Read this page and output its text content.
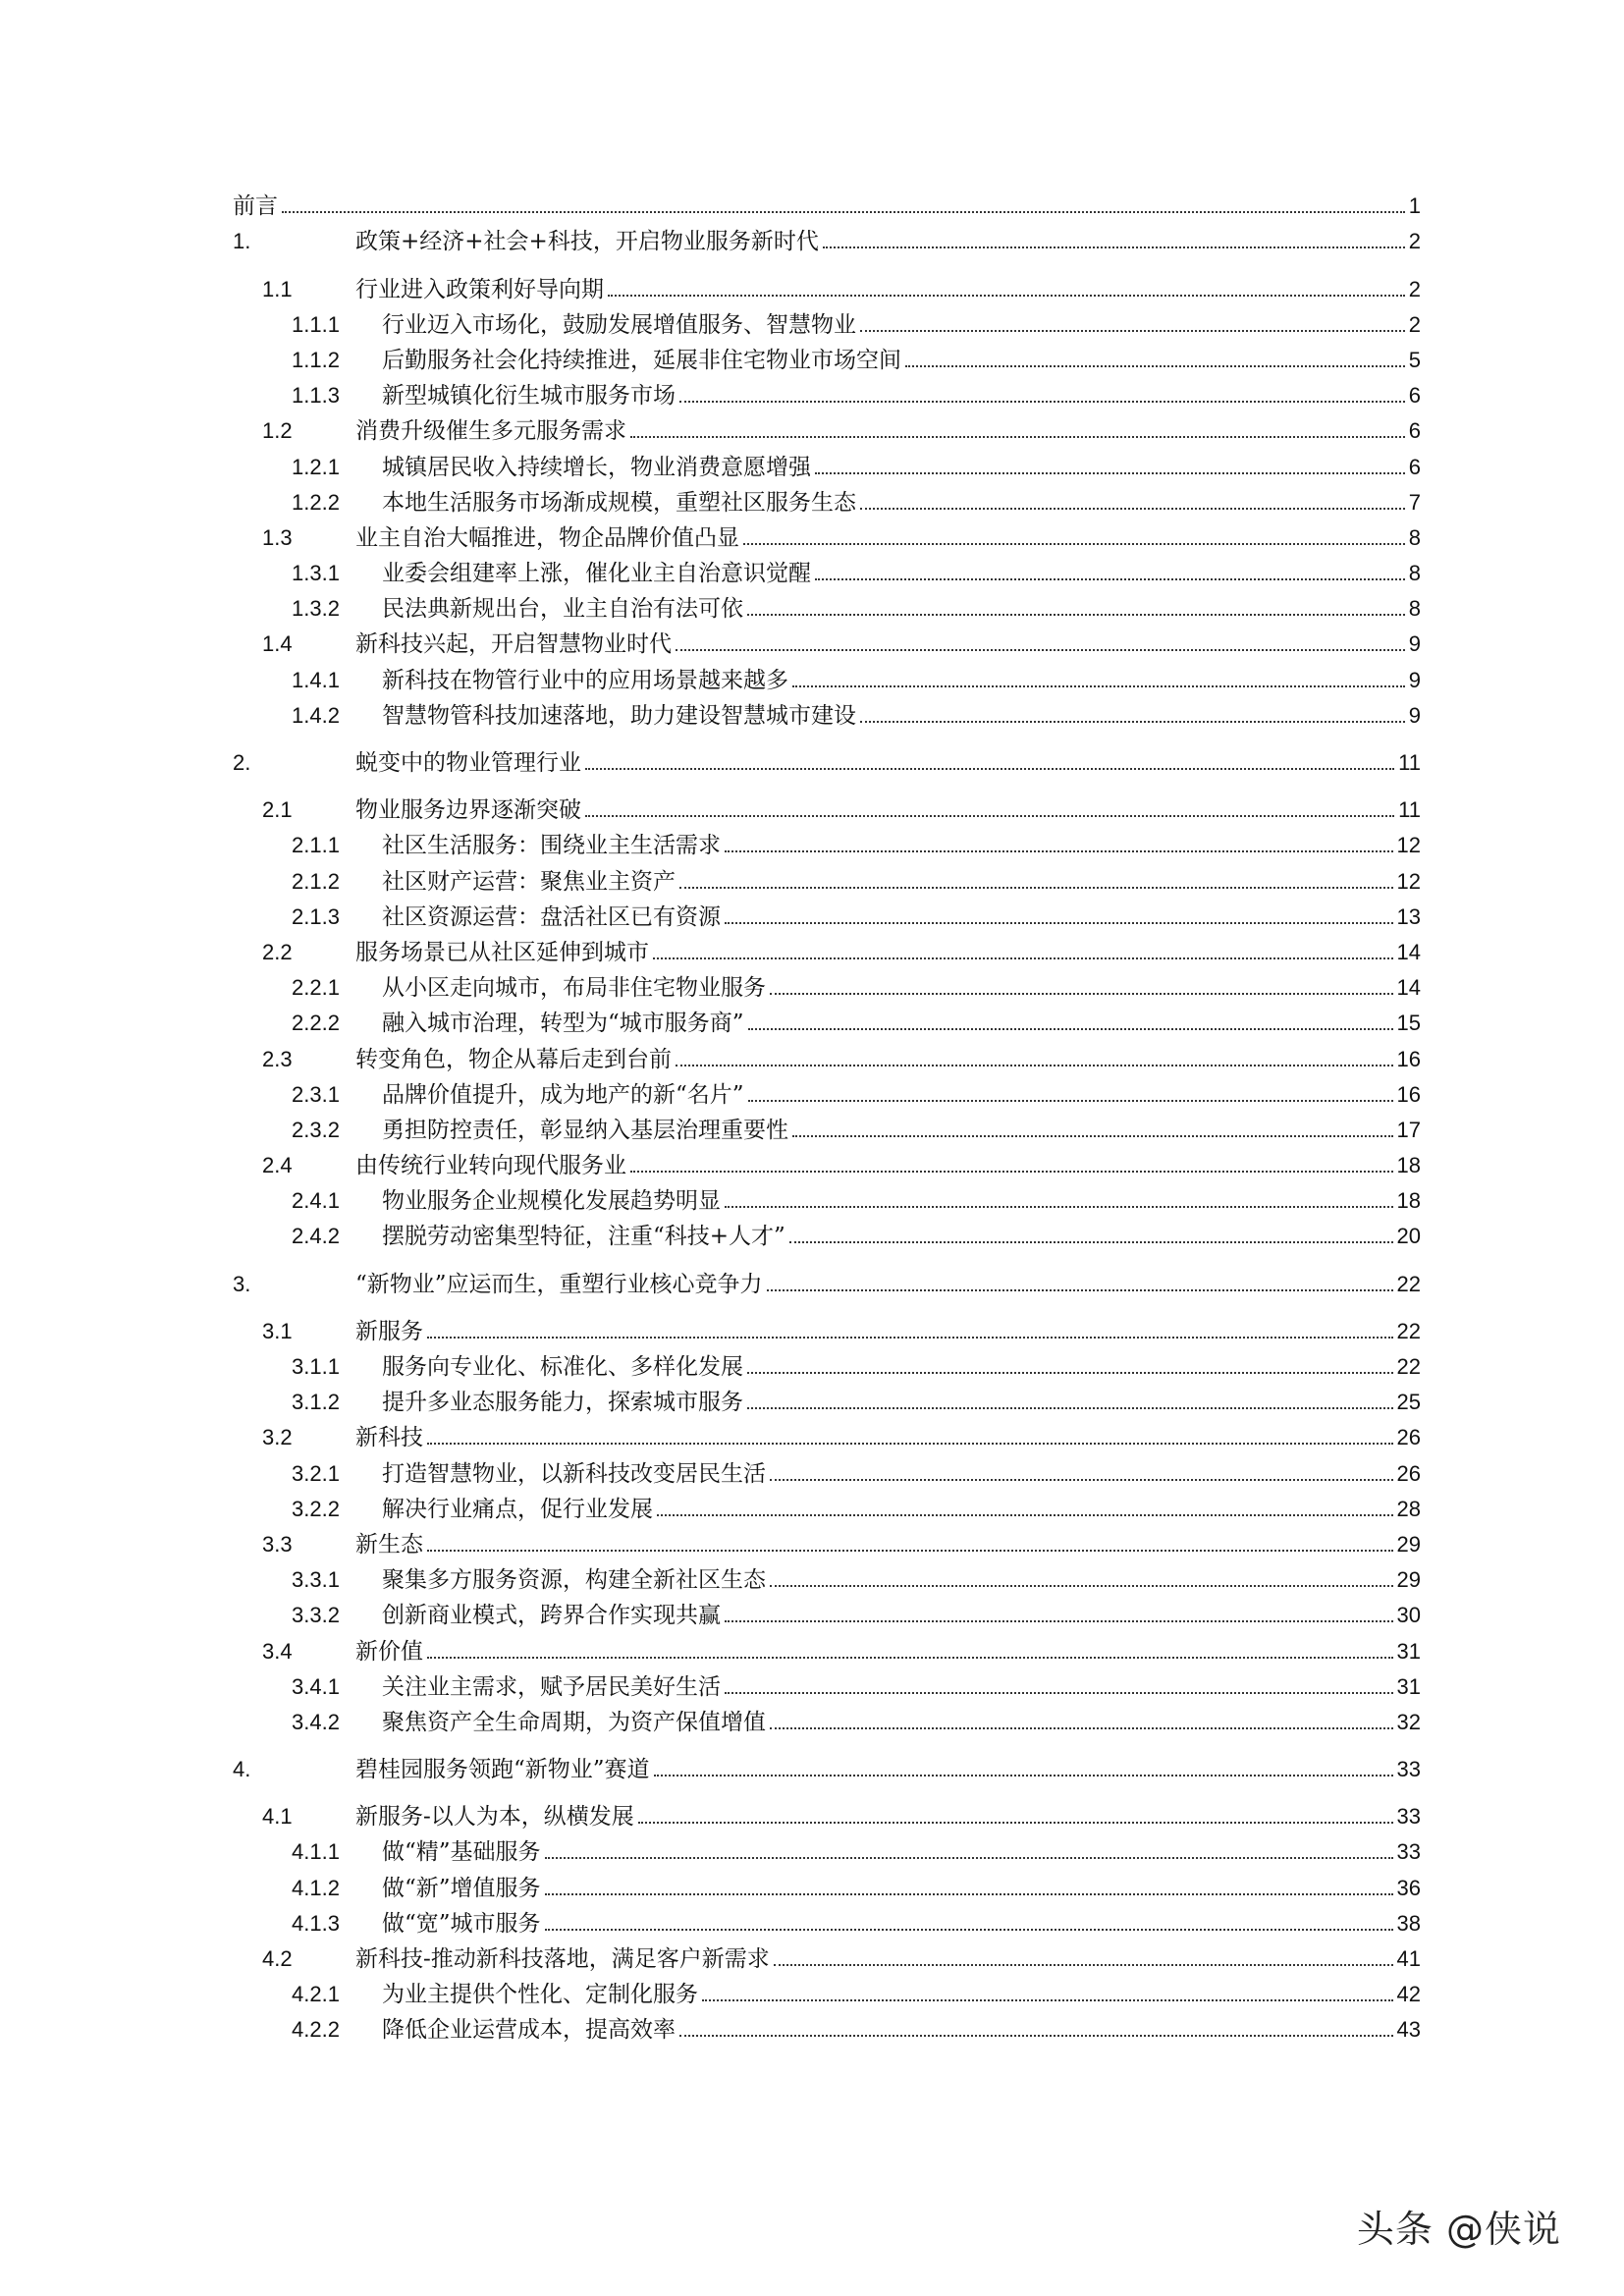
前言	1
1.	政策+经济+社会+科技，开启物业服务新时代	2
1.1	行业进入政策利好导向期	2
1.1.1	行业迈入市场化，鼓励发展增值服务、智慧物业	2
1.1.2	后勤服务社会化持续推进，延展非住宅物业市场空间	5
1.1.3	新型城镇化衍生城市服务市场	6
1.2	消费升级催生多元服务需求	6
1.2.1	城镇居民收入持续增长，物业消费意愿增强	6
1.2.2	本地生活服务市场渐成规模，重塑社区服务生态	7
1.3	业主自治大幅推进，物企品牌价值凸显	8
1.3.1	业委会组建率上涨，催化业主自治意识觉醒	8
1.3.2	民法典新规出台，业主自治有法可依	8
1.4	新科技兴起，开启智慧物业时代	9
1.4.1	新科技在物管行业中的应用场景越来越多	9
1.4.2	智慧物管科技加速落地，助力建设智慧城市建设	9
2.	蜕变中的物业管理行业	11
2.1	物业服务边界逐渐突破	11
2.1.1	社区生活服务：围绕业主生活需求	12
2.1.2	社区财产运营：聚焦业主资产	12
2.1.3	社区资源运营：盘活社区已有资源	13
2.2	服务场景已从社区延伸到城市	14
2.2.1	从小区走向城市，布局非住宅物业服务	14
2.2.2	融入城市治理，转型为“城市服务商”	15
2.3	转变角色，物企从幕后走到台前	16
2.3.1	品牌价值提升，成为地产的新“名片”	16
2.3.2	勇担防控责任，彰显纳入基层治理重要性	17
2.4	由传统行业转向现代服务业	18
2.4.1	物业服务企业规模化发展趋势明显	18
2.4.2	摆脱劳动密集型特征，注重“科技+人才”	20
3.	“新物业”应运而生，重塑行业核心竞争力	22
3.1	新服务	22
3.1.1	服务向专业化、标准化、多样化发展	22
3.1.2	提升多业态服务能力，探索城市服务	25
3.2	新科技	26
3.2.1	打造智慧物业，以新科技改变居民生活	26
3.2.2	解决行业痛点，促行业发展	28
3.3	新生态	29
3.3.1	聚集多方服务资源，构建全新社区生态	29
3.3.2	创新商业模式，跨界合作实现共赢	30
3.4	新价值	31
3.4.1	关注业主需求，赋予居民美好生活	31
3.4.2	聚焦资产全生命周期，为资产保值增值	32
4.	碧桂园服务领跑“新物业”赛道	33
4.1	新服务-以人为本，纵横发展	33
4.1.1	做“精”基础服务	33
4.1.2	做“新”增值服务	36
4.1.3	做“宽”城市服务	38
4.2	新科技-推动新科技落地，满足客户新需求	41
4.2.1	为业主提供个性化、定制化服务	42
4.2.2	降低企业运营成本，提高效率	43
头条 @侠说
